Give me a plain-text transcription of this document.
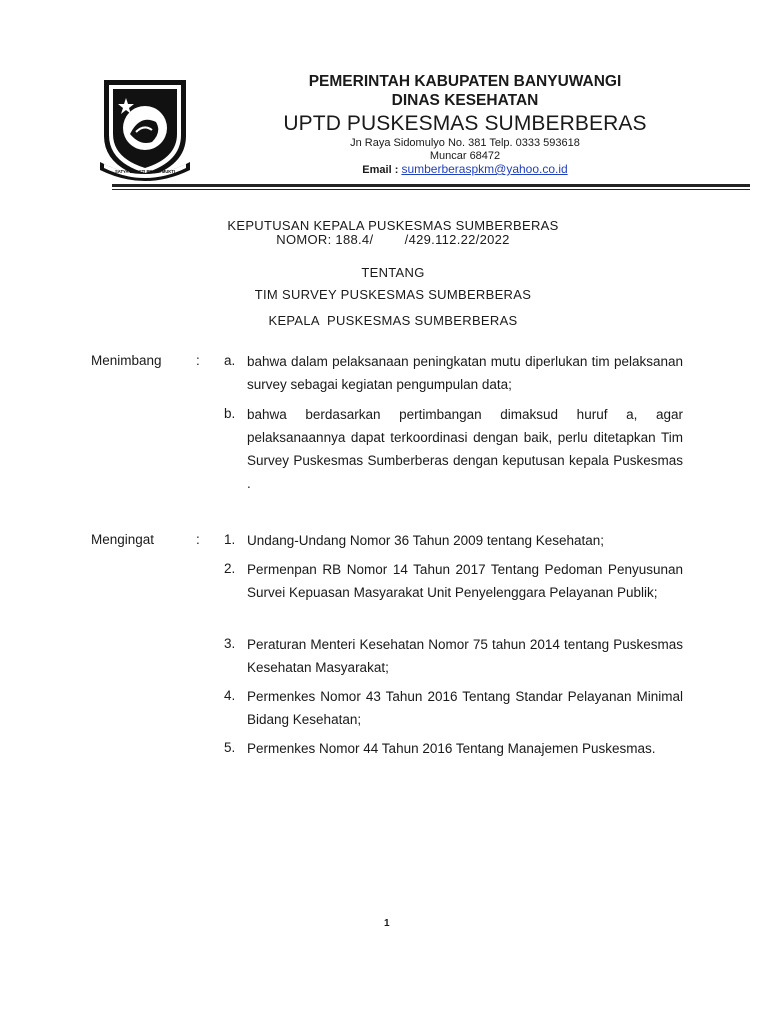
SATYA BHAKTI PRAJA MUKTI
PEMERINTAH KABUPATEN BANYUWANGI
DINAS KESEHATAN
UPTD PUSKESMAS SUMBERBERAS
Jn Raya Sidomulyo No. 381 Telp. 0333 593618
Muncar 68472
Email : sumberberaspkm@yahoo.co.id
KEPUTUSAN KEPALA PUSKESMAS SUMBERBERAS
NOMOR: 188.4/        /429.112.22/2022
TENTANG
TIM SURVEY PUSKESMAS SUMBERBERAS
KEPALA  PUSKESMAS SUMBERBERAS
Menimbang	: a. bahwa dalam pelaksanaan peningkatan mutu diperlukan tim pelaksanan survey sebagai kegiatan pengumpulan data;
b. bahwa berdasarkan pertimbangan dimaksud huruf a, agar pelaksanaannya dapat terkoordinasi dengan baik, perlu ditetapkan Tim Survey Puskesmas Sumberberas dengan keputusan kepala Puskesmas .
Mengingat	: 1. Undang-Undang Nomor 36 Tahun 2009 tentang Kesehatan;
2. Permenpan RB Nomor 14 Tahun 2017 Tentang Pedoman Penyusunan Survei Kepuasan Masyarakat Unit Penyelenggara Pelayanan Publik;
3. Peraturan Menteri Kesehatan Nomor 75 tahun 2014 tentang Puskesmas   Kesehatan Masyarakat;
4. Permenkes Nomor 43 Tahun 2016 Tentang Standar Pelayanan Minimal Bidang Kesehatan;
5. Permenkes Nomor 44 Tahun 2016 Tentang Manajemen Puskesmas.
1
